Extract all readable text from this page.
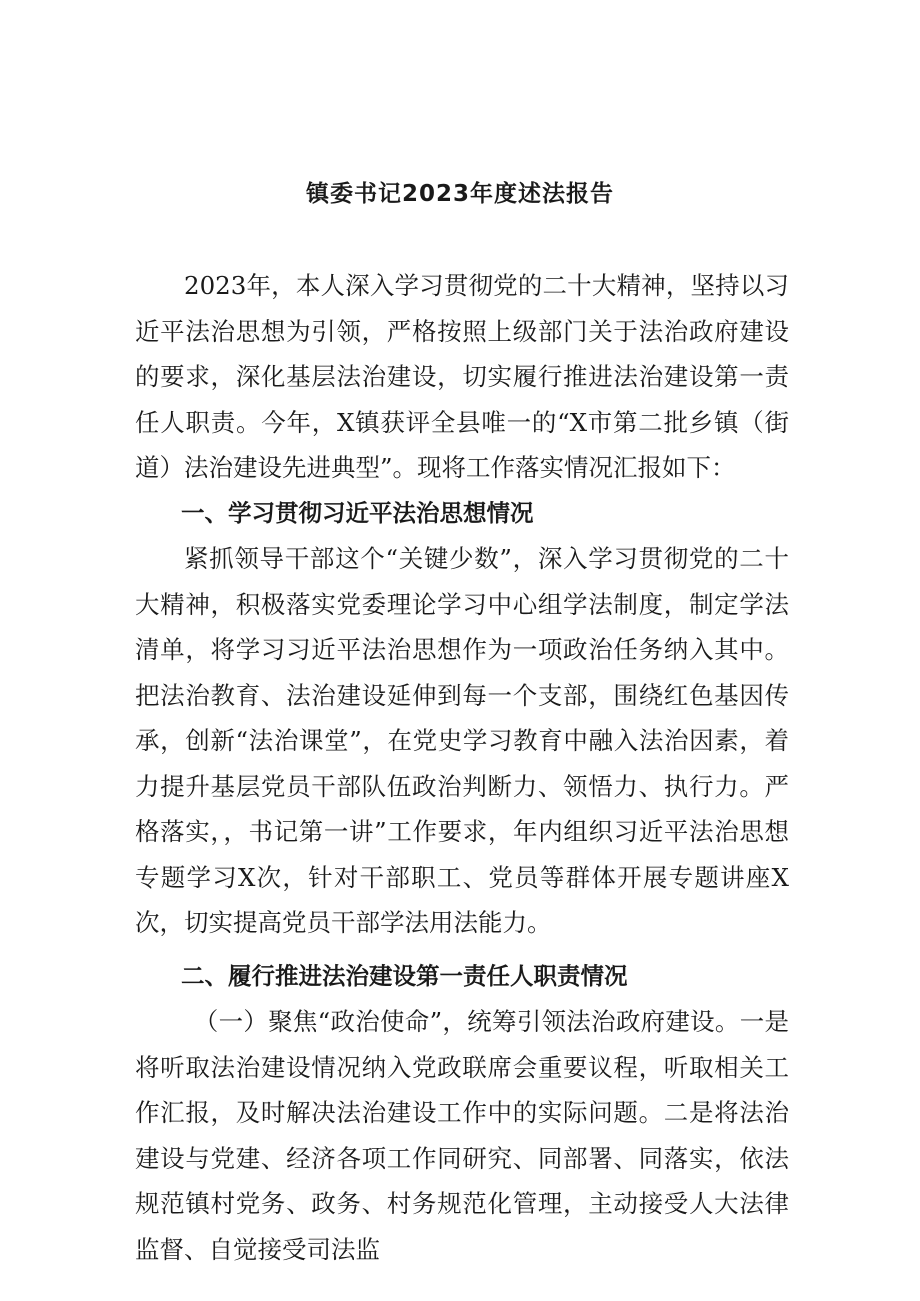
镇委书记2023年度述法报告

2023年，本人深入学习贯彻党的二十大精神，坚持以习近平法治思想为引领，严格按照上级部门关于法治政府建设的要求，深化基层法治建设，切实履行推进法治建设第一责任人职责。今年，X镇获评全县唯一的“X市第二批乡镇（街道）法治建设先进典型”。现将工作落实情况汇报如下：

一、学习贯彻习近平法治思想情况

紧抓领导干部这个“关键少数”，深入学习贯彻党的二十大精神，积极落实党委理论学习中心组学法制度，制定学法清单，将学习习近平法治思想作为一项政治任务纳入其中。把法治教育、法治建设延伸到每一个支部，围绕红色基因传承，创新“法治课堂”，在党史学习教育中融入法治因素，着力提升基层党员干部队伍政治判断力、领悟力、执行力。严格落实，，书记第一讲”工作要求，年内组织习近平法治思想专题学习X次，针对干部职工、党员等群体开展专题讲座X次，切实提高党员干部学法用法能力。

二、履行推进法治建设第一责任人职责情况

（一）聚焦“政治使命”，统筹引领法治政府建设。一是将听取法治建设情况纳入党政联席会重要议程，听取相关工作汇报，及时解决法治建设工作中的实际问题。二是将法治建设与党建、经济各项工作同研究、同部署、同落实，依法规范镇村党务、政务、村务规范化管理，主动接受人大法律监督、自觉接受司法监
